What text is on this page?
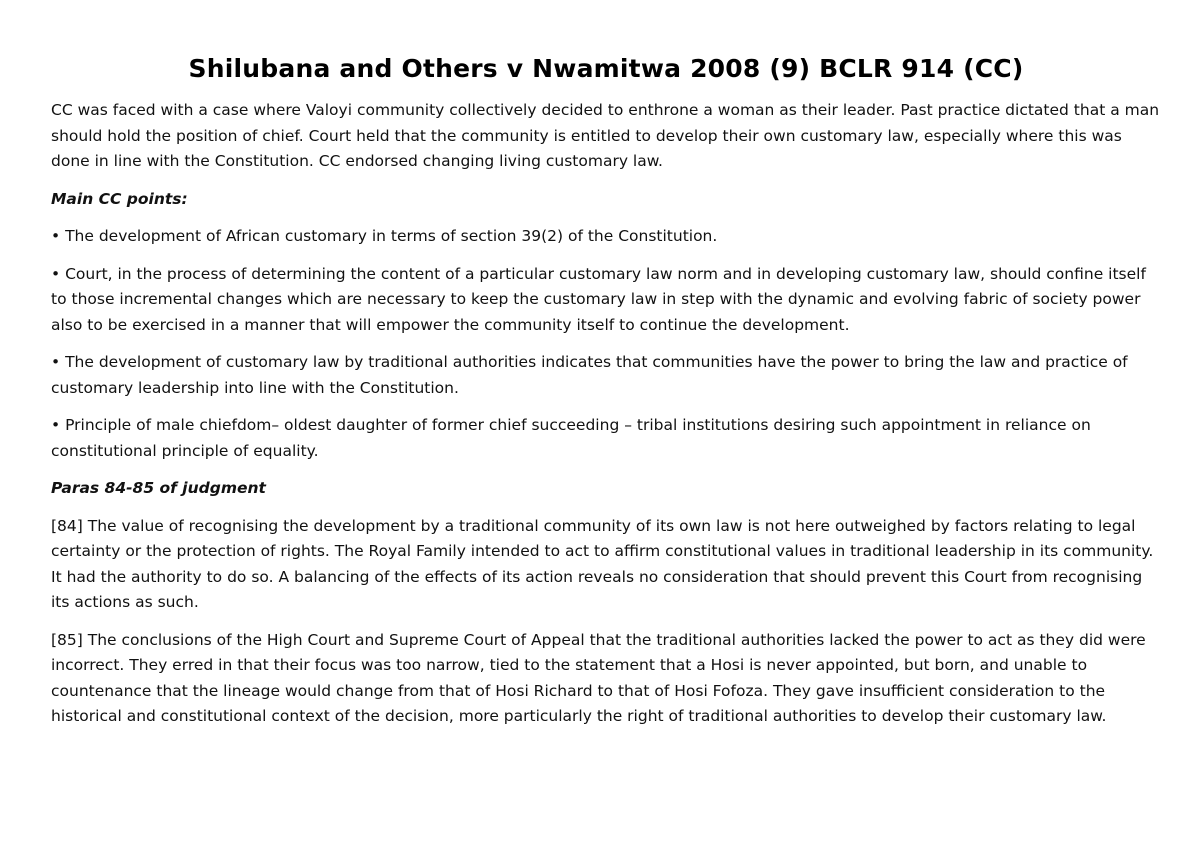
Shilubana and Others v Nwamitwa 2008 (9) BCLR 914 (CC)

CC was faced with a case where Valoyi community collectively decided to enthrone a woman as their leader. Past practice dictated that a man should hold the position of chief. Court held that the community is entitled to develop their own customary law, especially where this was done in line with the Constitution. CC endorsed changing living customary law.

Main CC points:

• The development of African customary in terms of section 39(2) of the Constitution.

• Court, in the process of determining the content of a particular customary law norm and in developing customary law, should confine itself to those incremental changes which are necessary to keep the customary law in step with the dynamic and evolving fabric of society power also to be exercised in a manner that will empower the community itself to continue the development.

• The development of customary law by traditional authorities indicates that communities have the power to bring the law and practice of customary leadership into line with the Constitution.

• Principle of male chiefdom– oldest daughter of former chief succeeding – tribal institutions desiring such appointment in reliance on constitutional principle of equality.

Paras 84-85 of judgment

[84] The value of recognising the development by a traditional community of its own law is not here outweighed by factors relating to legal certainty or the protection of rights. The Royal Family intended to act to affirm constitutional values in traditional leadership in its community. It had the authority to do so. A balancing of the effects of its action reveals no consideration that should prevent this Court from recognising its actions as such.

[85] The conclusions of the High Court and Supreme Court of Appeal that the traditional authorities lacked the power to act as they did were incorrect. They erred in that their focus was too narrow, tied to the statement that a Hosi is never appointed, but born, and unable to countenance that the lineage would change from that of Hosi Richard to that of Hosi Fofoza. They gave insufficient consideration to the historical and constitutional context of the decision, more particularly the right of traditional authorities to develop their customary law.
